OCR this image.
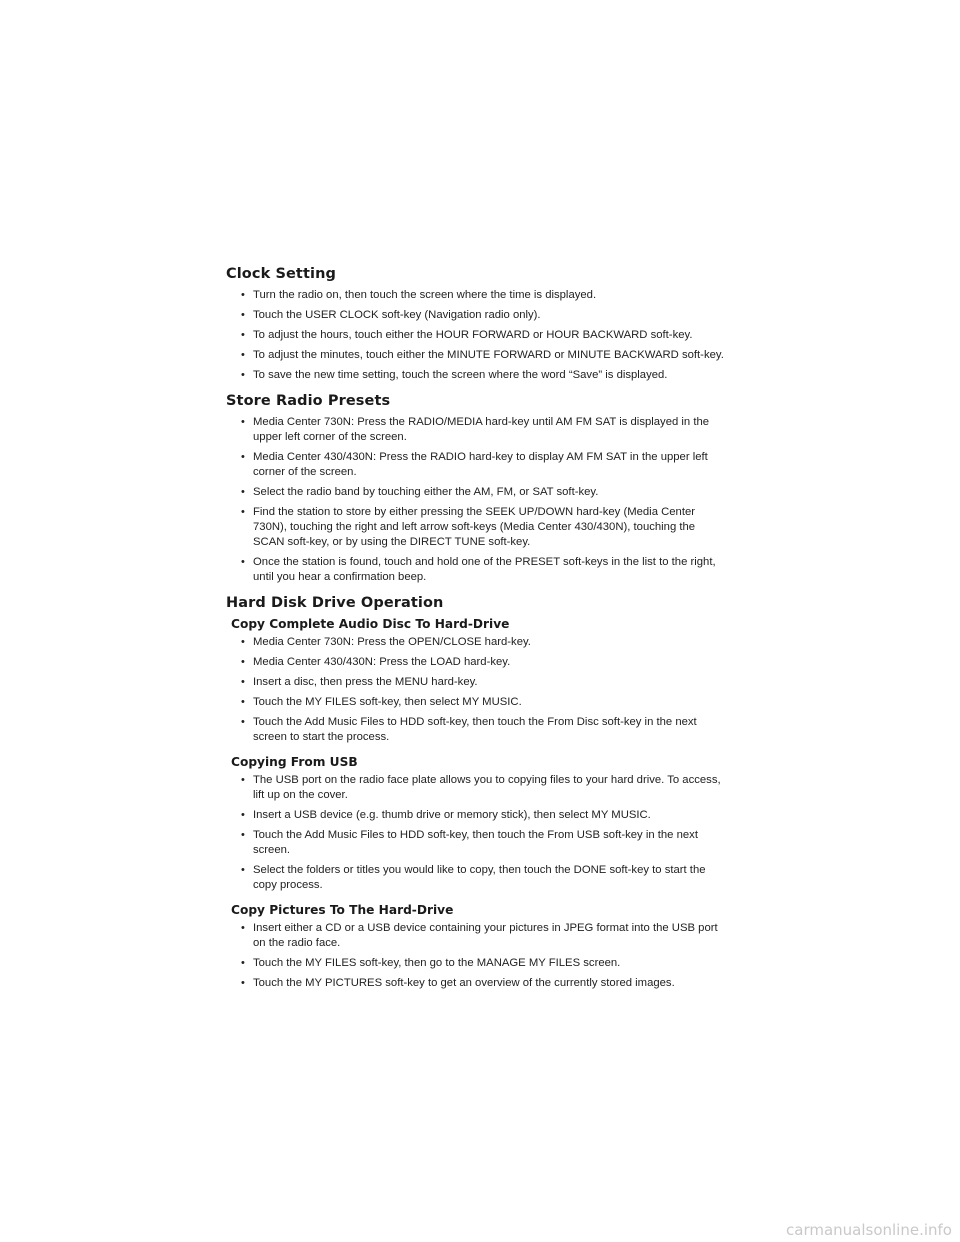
Clock Setting
• Turn the radio on, then touch the screen where the time is displayed.
• Touch the USER CLOCK soft-key (Navigation radio only).
• To adjust the hours, touch either the HOUR FORWARD or HOUR BACKWARD soft-key.
• To adjust the minutes, touch either the MINUTE FORWARD or MINUTE BACKWARD soft-key.
• To save the new time setting, touch the screen where the word “Save” is displayed.
Store Radio Presets
• Media Center 730N: Press the RADIO/MEDIA hard-key until AM FM SAT is displayed in the upper left corner of the screen.
• Media Center 430/430N: Press the RADIO hard-key to display AM FM SAT in the upper left corner of the screen.
• Select the radio band by touching either the AM, FM, or SAT soft-key.
• Find the station to store by either pressing the SEEK UP/DOWN hard-key (Media Center 730N), touching the right and left arrow soft-keys (Media Center 430/430N), touching the SCAN soft-key, or by using the DIRECT TUNE soft-key.
• Once the station is found, touch and hold one of the PRESET soft-keys in the list to the right, until you hear a confirmation beep.
Hard Disk Drive Operation
Copy Complete Audio Disc To Hard-Drive
• Media Center 730N: Press the OPEN/CLOSE hard-key.
• Media Center 430/430N: Press the LOAD hard-key.
• Insert a disc, then press the MENU hard-key.
• Touch the MY FILES soft-key, then select MY MUSIC.
• Touch the Add Music Files to HDD soft-key, then touch the From Disc soft-key in the next screen to start the process.
Copying From USB
• The USB port on the radio face plate allows you to copying files to your hard drive. To access, lift up on the cover.
• Insert a USB device (e.g. thumb drive or memory stick), then select MY MUSIC.
• Touch the Add Music Files to HDD soft-key, then touch the From USB soft-key in the next screen.
• Select the folders or titles you would like to copy, then touch the DONE soft-key to start the copy process.
Copy Pictures To The Hard-Drive
• Insert either a CD or a USB device containing your pictures in JPEG format into the USB port on the radio face.
• Touch the MY FILES soft-key, then go to the MANAGE MY FILES screen.
• Touch the MY PICTURES soft-key to get an overview of the currently stored images.
carmanualsonline.info
